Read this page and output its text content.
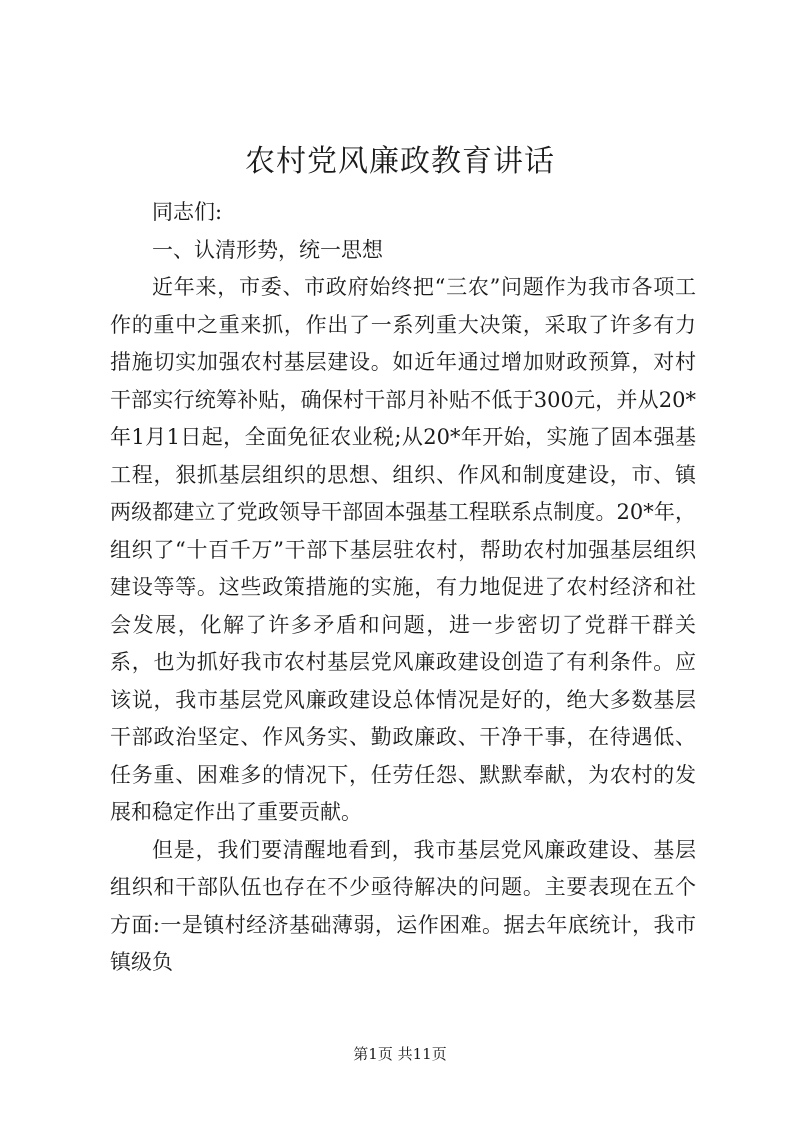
农村党风廉政教育讲话

同志们:

一、认清形势，统一思想

近年来，市委、市政府始终把“三农”问题作为我市各项工作的重中之重来抓，作出了一系列重大决策，采取了许多有力措施切实加强农村基层建设。如近年通过增加财政预算，对村干部实行统筹补贴，确保村干部月补贴不低于300元，并从20*年1月1日起，全面免征农业税;从20*年开始，实施了固本强基工程，狠抓基层组织的思想、组织、作风和制度建设，市、镇两级都建立了党政领导干部固本强基工程联系点制度。20*年，组织了“十百千万”干部下基层驻农村，帮助农村加强基层组织建设等等。这些政策措施的实施，有力地促进了农村经济和社会发展，化解了许多矛盾和问题，进一步密切了党群干群关系，也为抓好我市农村基层党风廉政建设创造了有利条件。应该说，我市基层党风廉政建设总体情况是好的，绝大多数基层干部政治坚定、作风务实、勤政廉政、干净干事，在待遇低、任务重、困难多的情况下，任劳任怨、默默奉献，为农村的发展和稳定作出了重要贡献。

但是，我们要清醒地看到，我市基层党风廉政建设、基层组织和干部队伍也存在不少亟待解决的问题。主要表现在五个方面:一是镇村经济基础薄弱，运作困难。据去年底统计，我市镇级负

第1页 共11页
